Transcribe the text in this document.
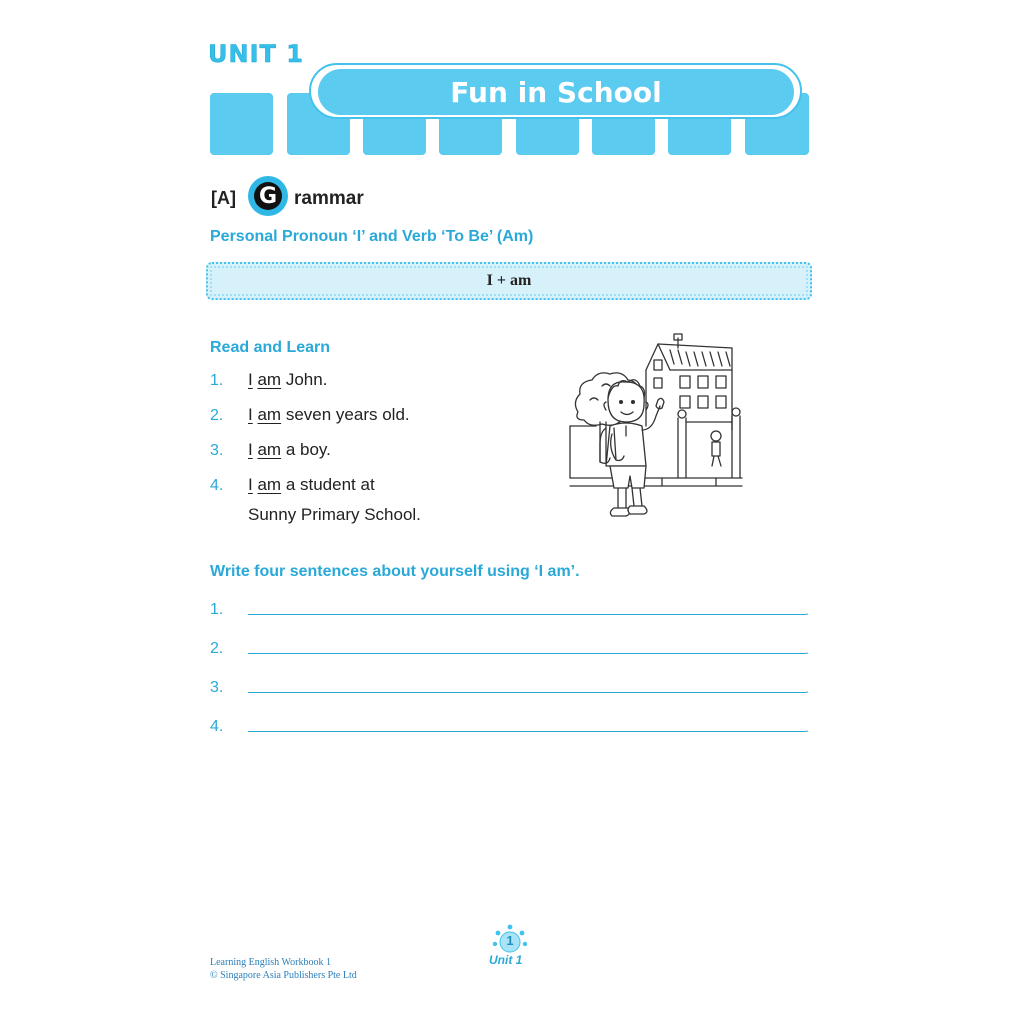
UNIT 1
Fun in School
[A] G rammar
Personal Pronoun ‘I’ and Verb ‘To Be’ (Am)
I + am
Read and Learn
1. I am John.
2. I am seven years old.
3. I am a boy.
4. I am a student at
Sunny Primary School.
Write four sentences about yourself using ‘I am’.
1.	.
2.	.
3.	.
4.	.
Learning English Workbook 1
© Singapore Asia Publishers Pte Ltd
1
Unit 1
